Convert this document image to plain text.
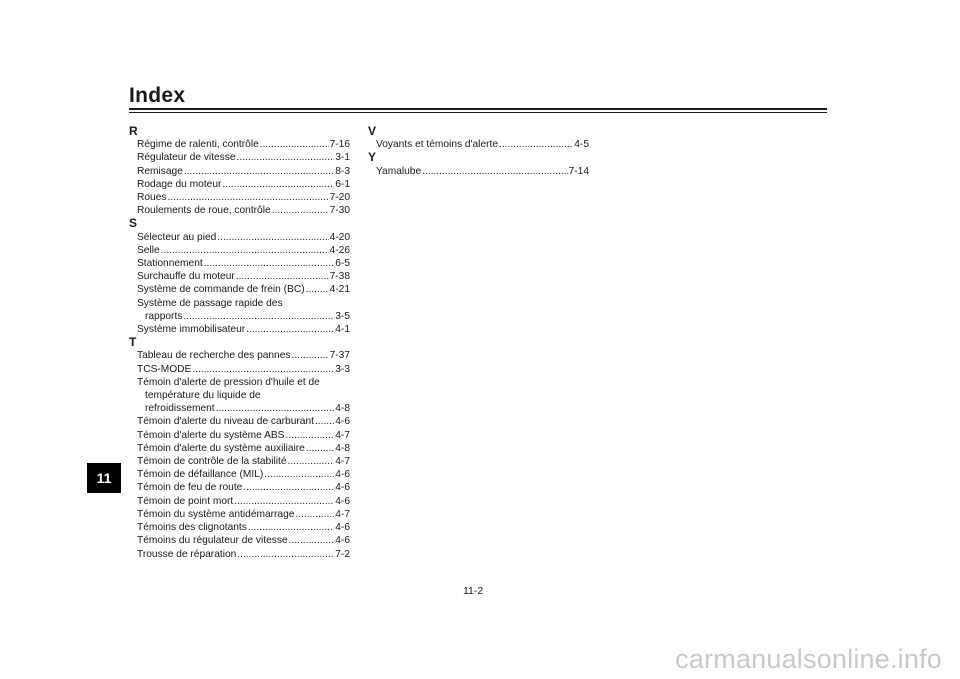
Index
R
Régime de ralenti, contrôle .....	7-16
Régulateur de vitesse .....	3-1
Remisage .....	8-3
Rodage du moteur .....	6-1
Roues .....	7-20
Roulements de roue, contrôle .....	7-30
S
Sélecteur au pied .....	4-20
Selle .....	4-26
Stationnement .....	6-5
Surchauffe du moteur .....	7-38
Système de commande de frein (BC) ..... 4-21
Système de passage rapide des
rapports .....	3-5
Système immobilisateur .....	4-1
T
Tableau de recherche des pannes .....	7-37
TCS-MODE .....	3-3
Témoin d'alerte de pression d'huile et de
température du liquide de
refroidissement .....	4-8
Témoin d'alerte du niveau de carburant ..... 4-6
Témoin d'alerte du système ABS .....	4-7
Témoin d'alerte du système auxiliaire .....	4-8
Témoin de contrôle de la stabilité .....	4-7
Témoin de défaillance (MIL) .....	4-6
Témoin de feu de route .....	4-6
Témoin de point mort .....	4-6
Témoin du système antidémarrage .....	4-7
Témoins des clignotants .....	4-6
Témoins du régulateur de vitesse .....	4-6
Trousse de réparation .....	7-2
V
Voyants et témoins d'alerte .....	4-5
Y
Yamalube .....	7-14
11
11-2
carmanualsonline.info
